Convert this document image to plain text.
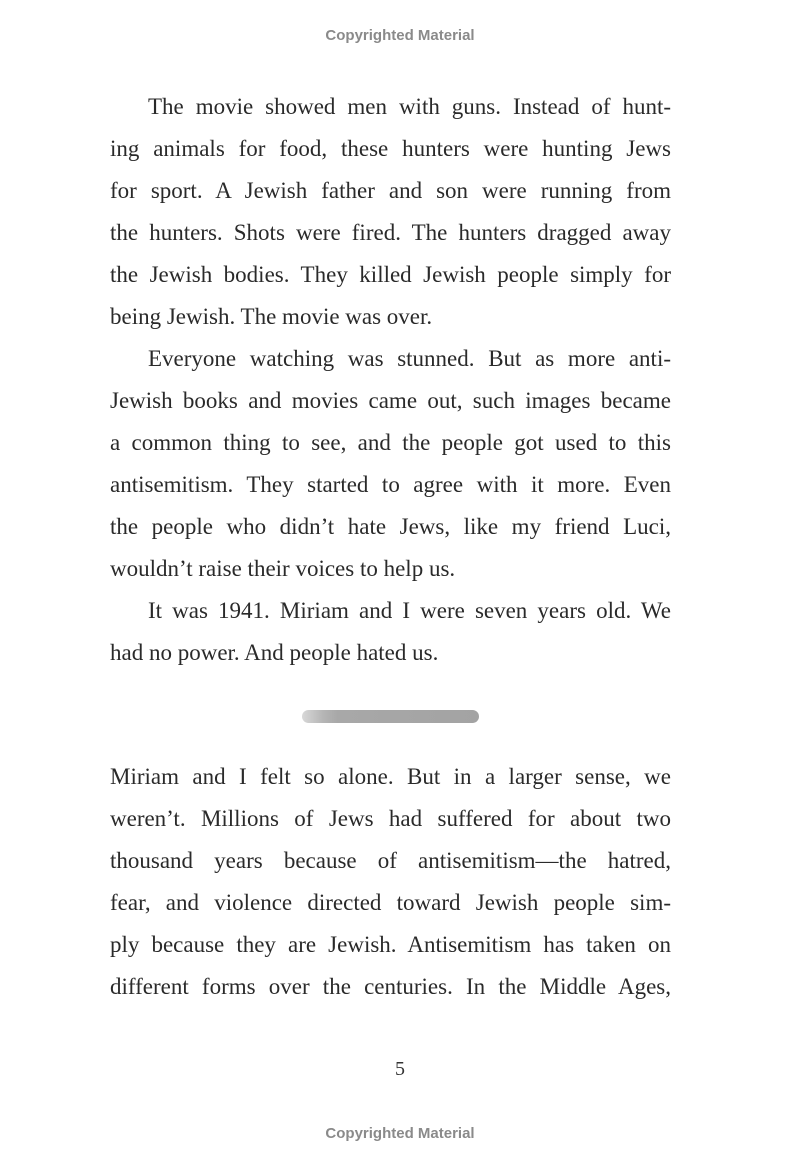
Copyrighted Material
The movie showed men with guns. Instead of hunt-
ing animals for food, these hunters were hunting Jews
for sport. A Jewish father and son were running from
the hunters. Shots were fired. The hunters dragged away
the Jewish bodies. They killed Jewish people simply for
being Jewish. The movie was over.
Everyone watching was stunned. But as more anti-
Jewish books and movies came out, such images became
a common thing to see, and the people got used to this
antisemitism. They started to agree with it more. Even
the people who didn’t hate Jews, like my friend Luci,
wouldn’t raise their voices to help us.
It was 1941. Miriam and I were seven years old. We
had no power. And people hated us.
Miriam and I felt so alone. But in a larger sense, we
weren’t. Millions of Jews had suffered for about two
thousand years because of antisemitism—the hatred,
fear, and violence directed toward Jewish people sim-
ply because they are Jewish. Antisemitism has taken on
different forms over the centuries. In the Middle Ages,
5
Copyrighted Material
